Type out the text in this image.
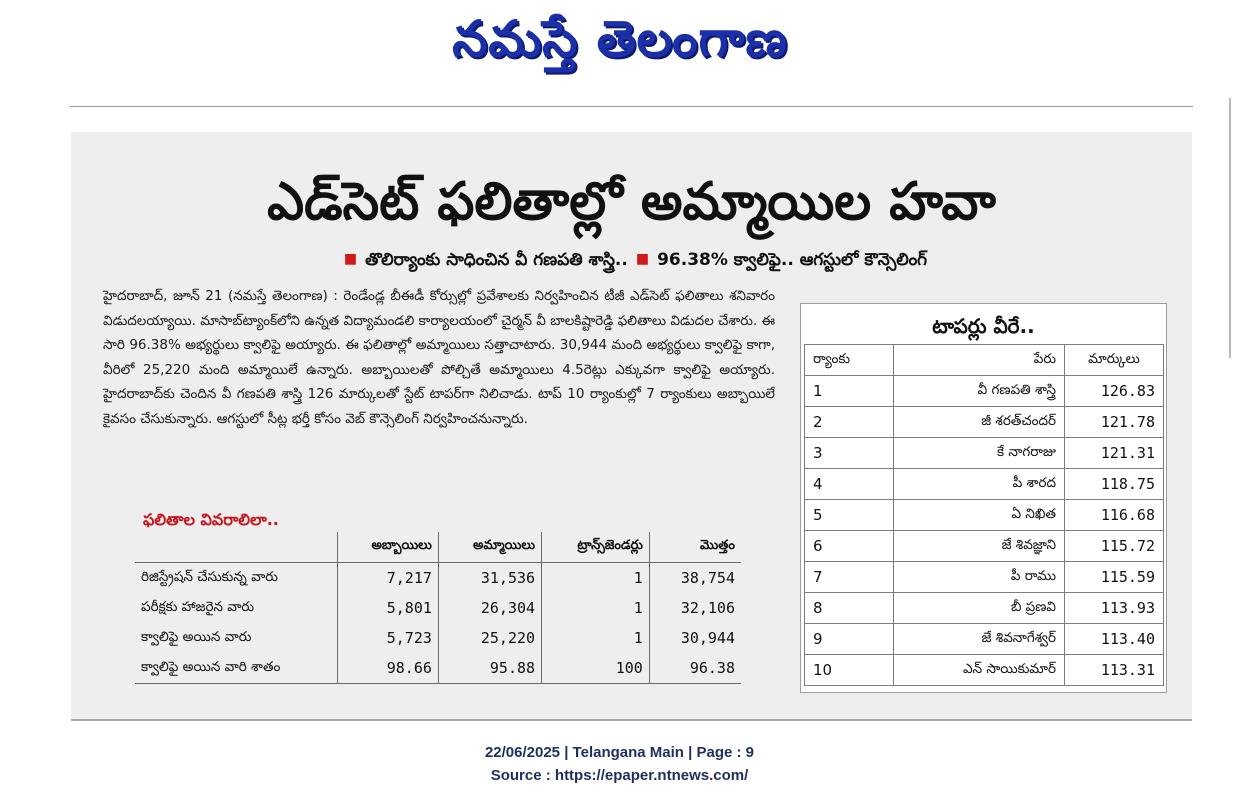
నమస్తే తెలంగాణ
ఎడ్‌సెట్ ఫలితాల్లో అమ్మాయిల హవా
■ తొలిర్యాంకు సాధించిన వీ గణపతి శాస్త్రి.. ■ 96.38% క్వాలిఫై.. ఆగస్టులో కౌన్సెలింగ్
హైదరాబాద్, జూన్ 21 (నమస్తే తెలంగాణ) : రెండేండ్ల బీఈడీ కోర్సుల్లో ప్రవేశాలకు నిర్వహించిన టీజీ ఎడ్‌సెట్ ఫలితాలు శనివారం విడుదలయ్యాయి. మాసాబ్‌ట్యాంక్‌లోని ఉన్నత విద్యామండలి కార్యాలయంలో చైర్మన్ వీ బాలకిష్టారెడ్డి ఫలితాలు విడుదల చేశారు. ఈ సారి 96.38% అభ్యర్థులు క్వాలిఫై అయ్యారు. ఈ ఫలితాల్లో అమ్మాయిలు సత్తాచాటారు. 30,944 మంది అభ్యర్థులు క్వాలిఫై కాగా, వీరిలో 25,220 మంది అమ్మాయిలే ఉన్నారు. అబ్బాయిలతో పోల్చితే అమ్మాయిలు 4.5రెట్లు ఎక్కువగా క్వాలిఫై అయ్యారు. హైదరాబాద్‌కు చెందిన వీ గణపతి శాస్త్రి 126 మార్కులతో స్టేట్ టాపర్‌గా నిలిచాడు. టాప్ 10 ర్యాంకుల్లో 7 ర్యాంకులు అబ్బాయిలే కైవసం చేసుకున్నారు. ఆగస్టులో సీట్ల భర్తీ కోసం వెబ్ కౌన్సెలింగ్ నిర్వహించనున్నారు.
ఫలితాల వివరాలిలా..
	అబ్బాయిలు	అమ్మాయిలు	ట్రాన్స్‌జెండర్లు	మొత్తం
రిజిస్ట్రేషన్ చేసుకున్న వారు	7,217	31,536	1	38,754
పరీక్షకు హాజరైన వారు	5,801	26,304	1	32,106
క్వాలిఫై అయిన వారు	5,723	25,220	1	30,944
క్వాలిఫై అయిన వారి శాతం	98.66	95.88	100	96.38
టాపర్లు వీరే..
ర్యాంకు	పేరు	మార్కులు
1	వీ గణపతి శాస్త్రి	126.83
2	జీ శరత్‌చందర్	121.78
3	కే నాగరాజు	121.31
4	పీ శారద	118.75
5	ఏ నిఖిత	116.68
6	జే శివజ్ఞాని	115.72
7	పీ రాము	115.59
8	బీ ప్రణవి	113.93
9	జే శివనాగేశ్వర్	113.40
10	ఎన్ సాయికుమార్	113.31
22/06/2025 | Telangana Main | Page : 9
Source : https://epaper.ntnews.com/
